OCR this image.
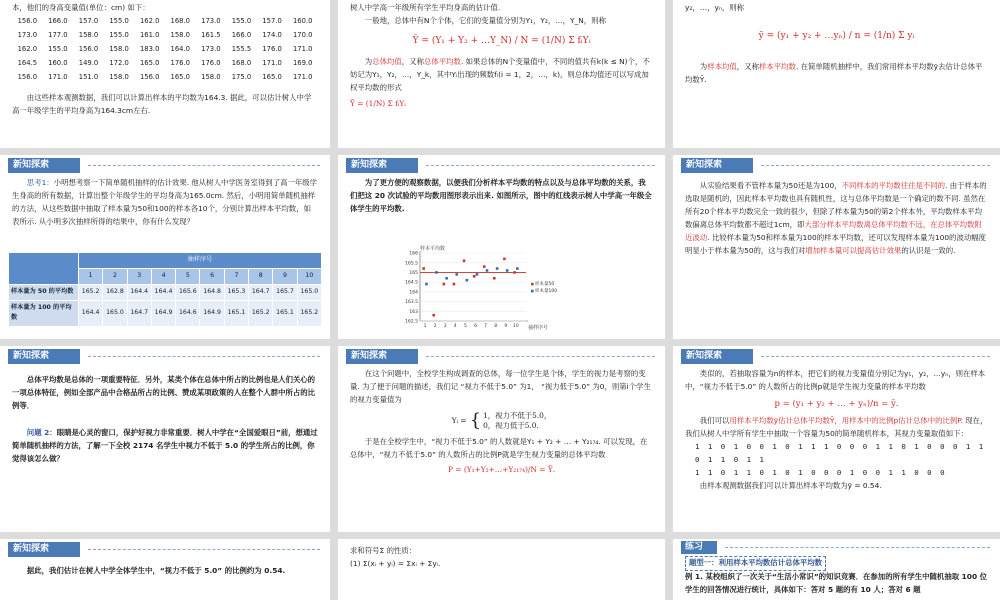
本，他们的身高变量值(单位：cm) 如下：
156.0	166.0	157.0	155.0	162.0	168.0	173.0	155.0	157.0	160.0
173.0	177.0	158.0	155.0	161.0	158.0	161.5	166.0	174.0	170.0
162.0	155.0	156.0	158.0	183.0	164.0	173.0	155.5	176.0	171.0
164.5	160.0	149.0	172.0	165.0	176.0	176.0	168.0	171.0	169.0
156.0	171.0	151.0	158.0	156.0	165.0	158.0	175.0	165.0	171.0
由这些样本观测数据，我们可以计算出样本的平均数为164.3. 据此，可以估计树人中学高一年级学生的平均身高为164.3cm左右.
树人中学高一年级所有学生平均身高的估计值.
一般地，总体中有N个个体，它们的变量值分别为Y₁，Y₂，…，Y_N，则称
Ȳ = (Y₁ + Y₂ + …Y_N) / N = (1/N) Σ fᵢYᵢ
为总体均值，又称总体平均数. 如果总体的N个变量值中，不同的值共有k(k ≤ N)个，不妨记为Y₁，Y₂，…，Y_k，其中Yᵢ出现的频数fᵢ(i = 1，2，…，k)，则总体均值还可以写成加权平均数的形式
Ȳ = (1/N) Σ fᵢYᵢ
y₂，…，yₙ，则称
ȳ = (y₁ + y₂ + …yₙ) / n = (1/n) Σ yᵢ
为样本均值，又称样本平均数. 在简单随机抽样中，我们常用样本平均数ȳ去估计总体平均数Ȳ.
新知探索
思考1：小明想考察一下简单随机抽样的估计效果. 他从树人中学医务室得到了高一年级学生身高的所有数据，计算出整个年级学生的平均身高为165.0cm. 然后，小明用简单随机抽样的方法，从这些数据中抽取了样本量为50和100的样本各10个，分别计算出样本平均数，如表所示. 从小明多次抽样所得的结果中，你有什么发现？
	抽样序号									
	1	2	3	4	5	6	7	8	9	10
样本量为 50 的平均数	165.2	162.8	164.4	164.4	165.6	164.8	165.3	164.7	165.7	165.0
样本量为 100 的平均数	164.4	165.0	164.7	164.9	164.6	164.9	165.1	165.2	165.1	165.2
新知探索
为了更方便的观察数据，以便我们分析样本平均数的特点以及与总体平均数的关系，我们把这 20 次试验的平均数用图形表示出来. 如图所示，图中的红线表示树人中学高一年级全体学生的平均数.
样本平均数
抽样序号
166
165.5
165
164.5
164
163.5
163
162.5
1 2 3 4 5 6 7 8 9 10
样本量50
样本量100
新知探索
从实验结果看不管样本量为50还是为100，不同样本的平均数往往是不同的. 由于样本的选取是随机的，因此样本平均数也具有随机性，这与总体平均数是一个确定的数不同. 虽然在所有20个样本平均数完全一致的很少，但除了样本量为50的第2个样本外，平均数样本平均数偏离总体平均数都不超过1cm，即大部分样本平均数离总体平均数不远，在总体平均数附近波动. 比较样本量为50和样本量为100的样本平均数，还可以发现样本量为100的波动幅度明显小于样本量为50的，这与我们对增加样本量可以提高估计效果的认识是一致的.
新知探索
总体平均数是总体的一项重要特征．另外，某类个体在总体中所占的比例也是人们关心的一项总体特征，例如全部产品中合格品所占的比例、赞成某项政策的人在整个人群中所占的比例等．
问题 2：眼睛是心灵的窗口，保护好视力非常重要．树人中学在“全国爱眼日”前，想通过简单随机抽样的方法，了解一下全校 2174 名学生中视力不低于 5.0 的学生所占的比例，你觉得该怎么做？
新知探索
在这个问题中，全校学生构成调查的总体，每一位学生是个体，学生的视力是考察的变量. 为了便于问题的描述，我们记 “视力不低于5.0” 为1， “视力低于5.0” 为0，则第i个学生的视力变量值为
Yᵢ = { 1，视力不低于5.0，
0，视力低于5.0.
于是在全校学生中，“视力不低于5.0” 的人数就是Y₁ + Y₂ + … + Y₂₁₇₄. 可以发现，在总体中，“视力不低于5.0” 的人数所占的比例P就是学生视力变量的总体平均数
P = (Y₁+Y₂+…+Y₂₁₇₄)/N = Ȳ.
新知探索
类似的，若抽取容量为n的样本，把它们的视力变量值分别记为y₁，y₂，…yₙ，则在样本中，“视力不低于5.0” 的人数所占的比例p就是学生视力变量的样本平均数
p = (y₁ + y₂ + … + yₙ)/n = ȳ.
我们可以用样本平均数ȳ估计总体平均数Ȳ，用样本中的比例p估计总体中的比例P. 现在，我们从树人中学所有学生中抽取一个容量为50的简单随机样本，其视力变量取值如下：
1 1 0 1 0 0 1 0 1 1 1 0 0 0 1 1 0 1 0 0 0 1 1 0 1 1 0 1 1
1 1 0 1 1 0 1 0 1 0 0 0 1 0 0 1 1 0 0 0
由样本观测数据我们可以计算出样本平均数为ȳ = 0.54.
新知探索
据此，我们估计在树人中学全体学生中，“视力不低于 5.0” 的比例约为 0.54.
求和符号Σ 的性质：
(1) Σ(xᵢ + yᵢ) = Σxᵢ + Σyᵢ.
练习
题型一：利用样本平均数估计总体平均数
例 1. 某校组织了一次关于“生活小常识”的知识竞赛．在参加的所有学生中随机抽取 100 位学生的回答情况进行统计，具体如下：答对 5 题的有 10 人；答对 6 题
